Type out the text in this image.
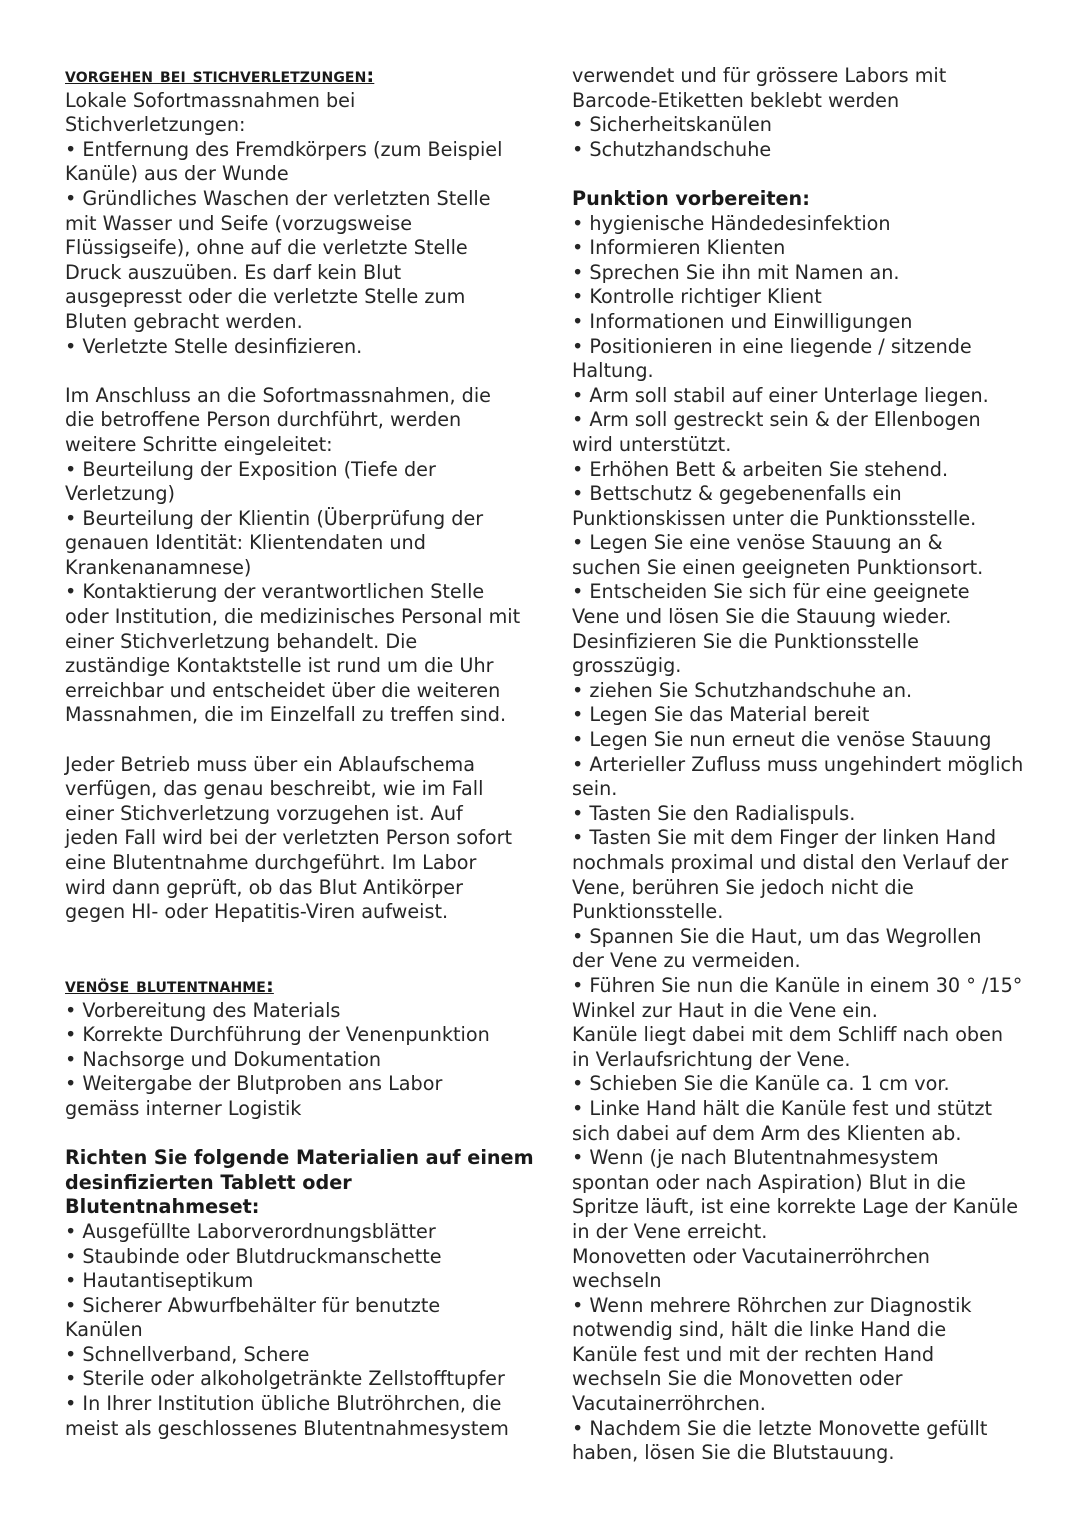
vorgehen bei stichverletzungen:
Lokale Sofortmassnahmen bei
Stichverletzungen:
• Entfernung des Fremdkörpers (zum Beispiel
Kanüle) aus der Wunde
• Gründliches Waschen der verletzten Stelle
mit Wasser und Seife (vorzugsweise
Flüssigseife), ohne auf die verletzte Stelle
Druck auszuüben. Es darf kein Blut
ausgepresst oder die verletzte Stelle zum
Bluten gebracht werden.
• Verletzte Stelle desinfizieren.
Im Anschluss an die Sofortmassnahmen, die
die betroffene Person durchführt, werden
weitere Schritte eingeleitet:
• Beurteilung der Exposition (Tiefe der
Verletzung)
• Beurteilung der Klientin (Überprüfung der
genauen Identität: Klientendaten und
Krankenanamnese)
• Kontaktierung der verantwortlichen Stelle
oder Institution, die medizinisches Personal mit
einer Stichverletzung behandelt. Die
zuständige Kontaktstelle ist rund um die Uhr
erreichbar und entscheidet über die weiteren
Massnahmen, die im Einzelfall zu treffen sind.
Jeder Betrieb muss über ein Ablaufschema
verfügen, das genau beschreibt, wie im Fall
einer Stichverletzung vorzugehen ist. Auf
jeden Fall wird bei der verletzten Person sofort
eine Blutentnahme durchgeführt. Im Labor
wird dann geprüft, ob das Blut Antikörper
gegen HI- oder Hepatitis-Viren aufweist.
venöse blutentnahme:
• Vorbereitung des Materials
• Korrekte Durchführung der Venenpunktion
• Nachsorge und Dokumentation
• Weitergabe der Blutproben ans Labor
gemäss interner Logistik
Richten Sie folgende Materialien auf einem
desinfizierten Tablett oder Blutentnahmeset:
• Ausgefüllte Laborverordnungsblätter
• Staubinde oder Blutdruckmanschette
• Hautantiseptikum
• Sicherer Abwurfbehälter für benutzte
Kanülen
• Schnellverband, Schere
• Sterile oder alkoholgetränkte Zellstofftupfer
• In Ihrer Institution übliche Blutröhrchen, die
meist als geschlossenes Blutentnahmesystem
verwendet und für grössere Labors mit
Barcode-Etiketten beklebt werden
• Sicherheitskanülen
• Schutzhandschuhe
Punktion vorbereiten:
• hygienische Händedesinfektion
• Informieren Klienten
• Sprechen Sie ihn mit Namen an.
• Kontrolle richtiger Klient
• Informationen und Einwilligungen
• Positionieren in eine liegende / sitzende
Haltung.
• Arm soll stabil auf einer Unterlage liegen.
• Arm soll gestreckt sein & der Ellenbogen
wird unterstützt.
• Erhöhen Bett & arbeiten Sie stehend.
• Bettschutz & gegebenenfalls ein
Punktionskissen unter die Punktionsstelle.
• Legen Sie eine venöse Stauung an &
suchen Sie einen geeigneten Punktionsort.
• Entscheiden Sie sich für eine geeignete
Vene und lösen Sie die Stauung wieder.
Desinfizieren Sie die Punktionsstelle grosszügig.
• ziehen Sie Schutzhandschuhe an.
• Legen Sie das Material bereit
• Legen Sie nun erneut die venöse Stauung
• Arterieller Zufluss muss ungehindert möglich
sein.
• Tasten Sie den Radialispuls.
• Tasten Sie mit dem Finger der linken Hand
nochmals proximal und distal den Verlauf der
Vene, berühren Sie jedoch nicht die
Punktionsstelle.
• Spannen Sie die Haut, um das Wegrollen
der Vene zu vermeiden.
• Führen Sie nun die Kanüle in einem 30 ° /15°
Winkel zur Haut in die Vene ein.
Kanüle liegt dabei mit dem Schliff nach oben
in Verlaufsrichtung der Vene.
• Schieben Sie die Kanüle ca. 1 cm vor.
• Linke Hand hält die Kanüle fest und stützt
sich dabei auf dem Arm des Klienten ab.
• Wenn (je nach Blutentnahmesystem
spontan oder nach Aspiration) Blut in die
Spritze läuft, ist eine korrekte Lage der Kanüle
in der Vene erreicht.
Monovetten oder Vacutainerröhrchen
wechseln
• Wenn mehrere Röhrchen zur Diagnostik
notwendig sind, hält die linke Hand die
Kanüle fest und mit der rechten Hand
wechseln Sie die Monovetten oder
Vacutainerröhrchen.
• Nachdem Sie die letzte Monovette gefüllt
haben, lösen Sie die Blutstauung.
